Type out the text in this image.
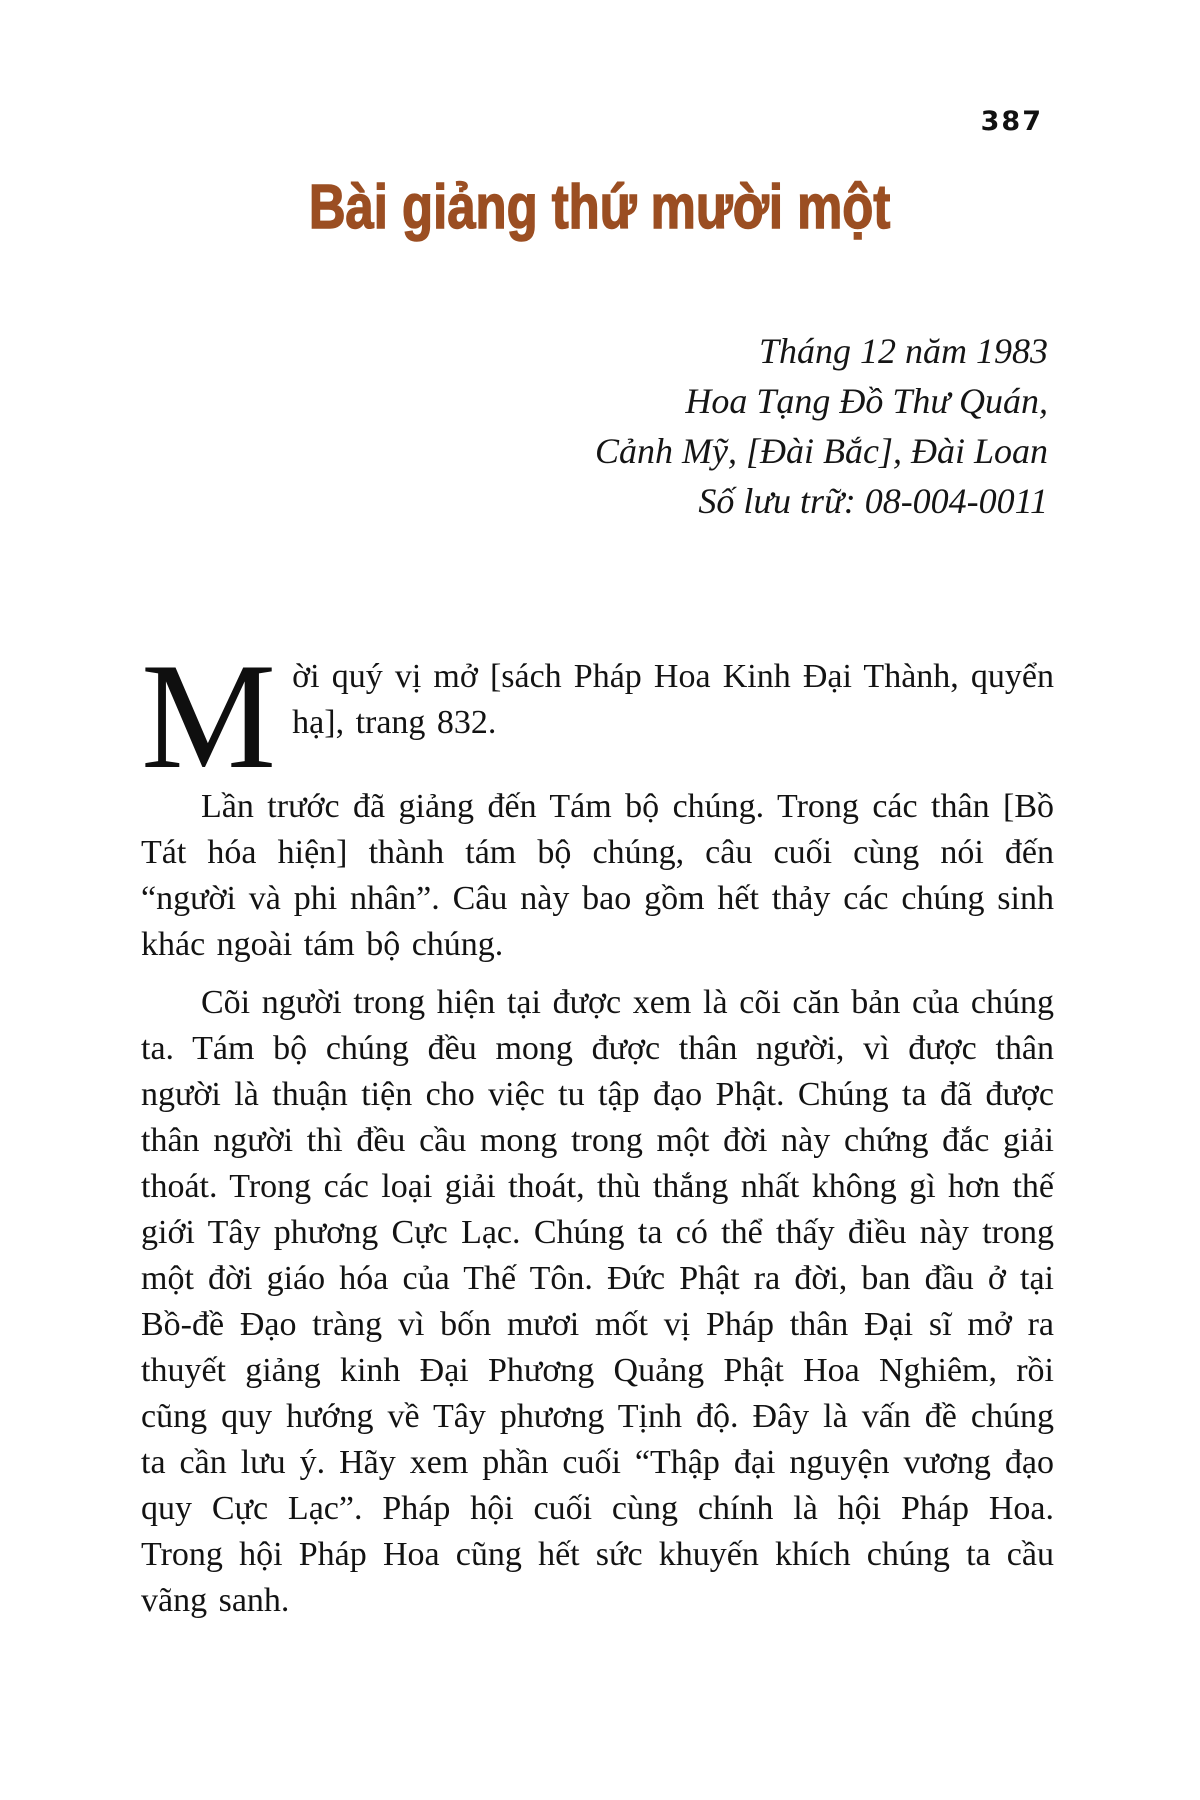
387
Bài giảng thứ mười một
Tháng 12 năm 1983
Hoa Tạng Đồ Thư Quán,
Cảnh Mỹ, [Đài Bắc], Đài Loan
Số lưu trữ: 08-004-0011

Mời quý vị mở [sách Pháp Hoa Kinh Đại Thành, quyển hạ], trang 832.

Lần trước đã giảng đến Tám bộ chúng. Trong các thân [Bồ Tát hóa hiện] thành tám bộ chúng, câu cuối cùng nói đến “người và phi nhân”. Câu này bao gồm hết thảy các chúng sinh khác ngoài tám bộ chúng.

Cõi người trong hiện tại được xem là cõi căn bản của chúng ta. Tám bộ chúng đều mong được thân người, vì được thân người là thuận tiện cho việc tu tập đạo Phật. Chúng ta đã được thân người thì đều cầu mong trong một đời này chứng đắc giải thoát. Trong các loại giải thoát, thù thắng nhất không gì hơn thế giới Tây phương Cực Lạc. Chúng ta có thể thấy điều này trong một đời giáo hóa của Thế Tôn. Đức Phật ra đời, ban đầu ở tại Bồ-đề Đạo tràng vì bốn mươi mốt vị Pháp thân Đại sĩ mở ra thuyết giảng kinh Đại Phương Quảng Phật Hoa Nghiêm, rồi cũng quy hướng về Tây phương Tịnh độ. Đây là vấn đề chúng ta cần lưu ý. Hãy xem phần cuối “Thập đại nguyện vương đạo quy Cực Lạc”. Pháp hội cuối cùng chính là hội Pháp Hoa. Trong hội Pháp Hoa cũng hết sức khuyến khích chúng ta cầu vãng sanh.
